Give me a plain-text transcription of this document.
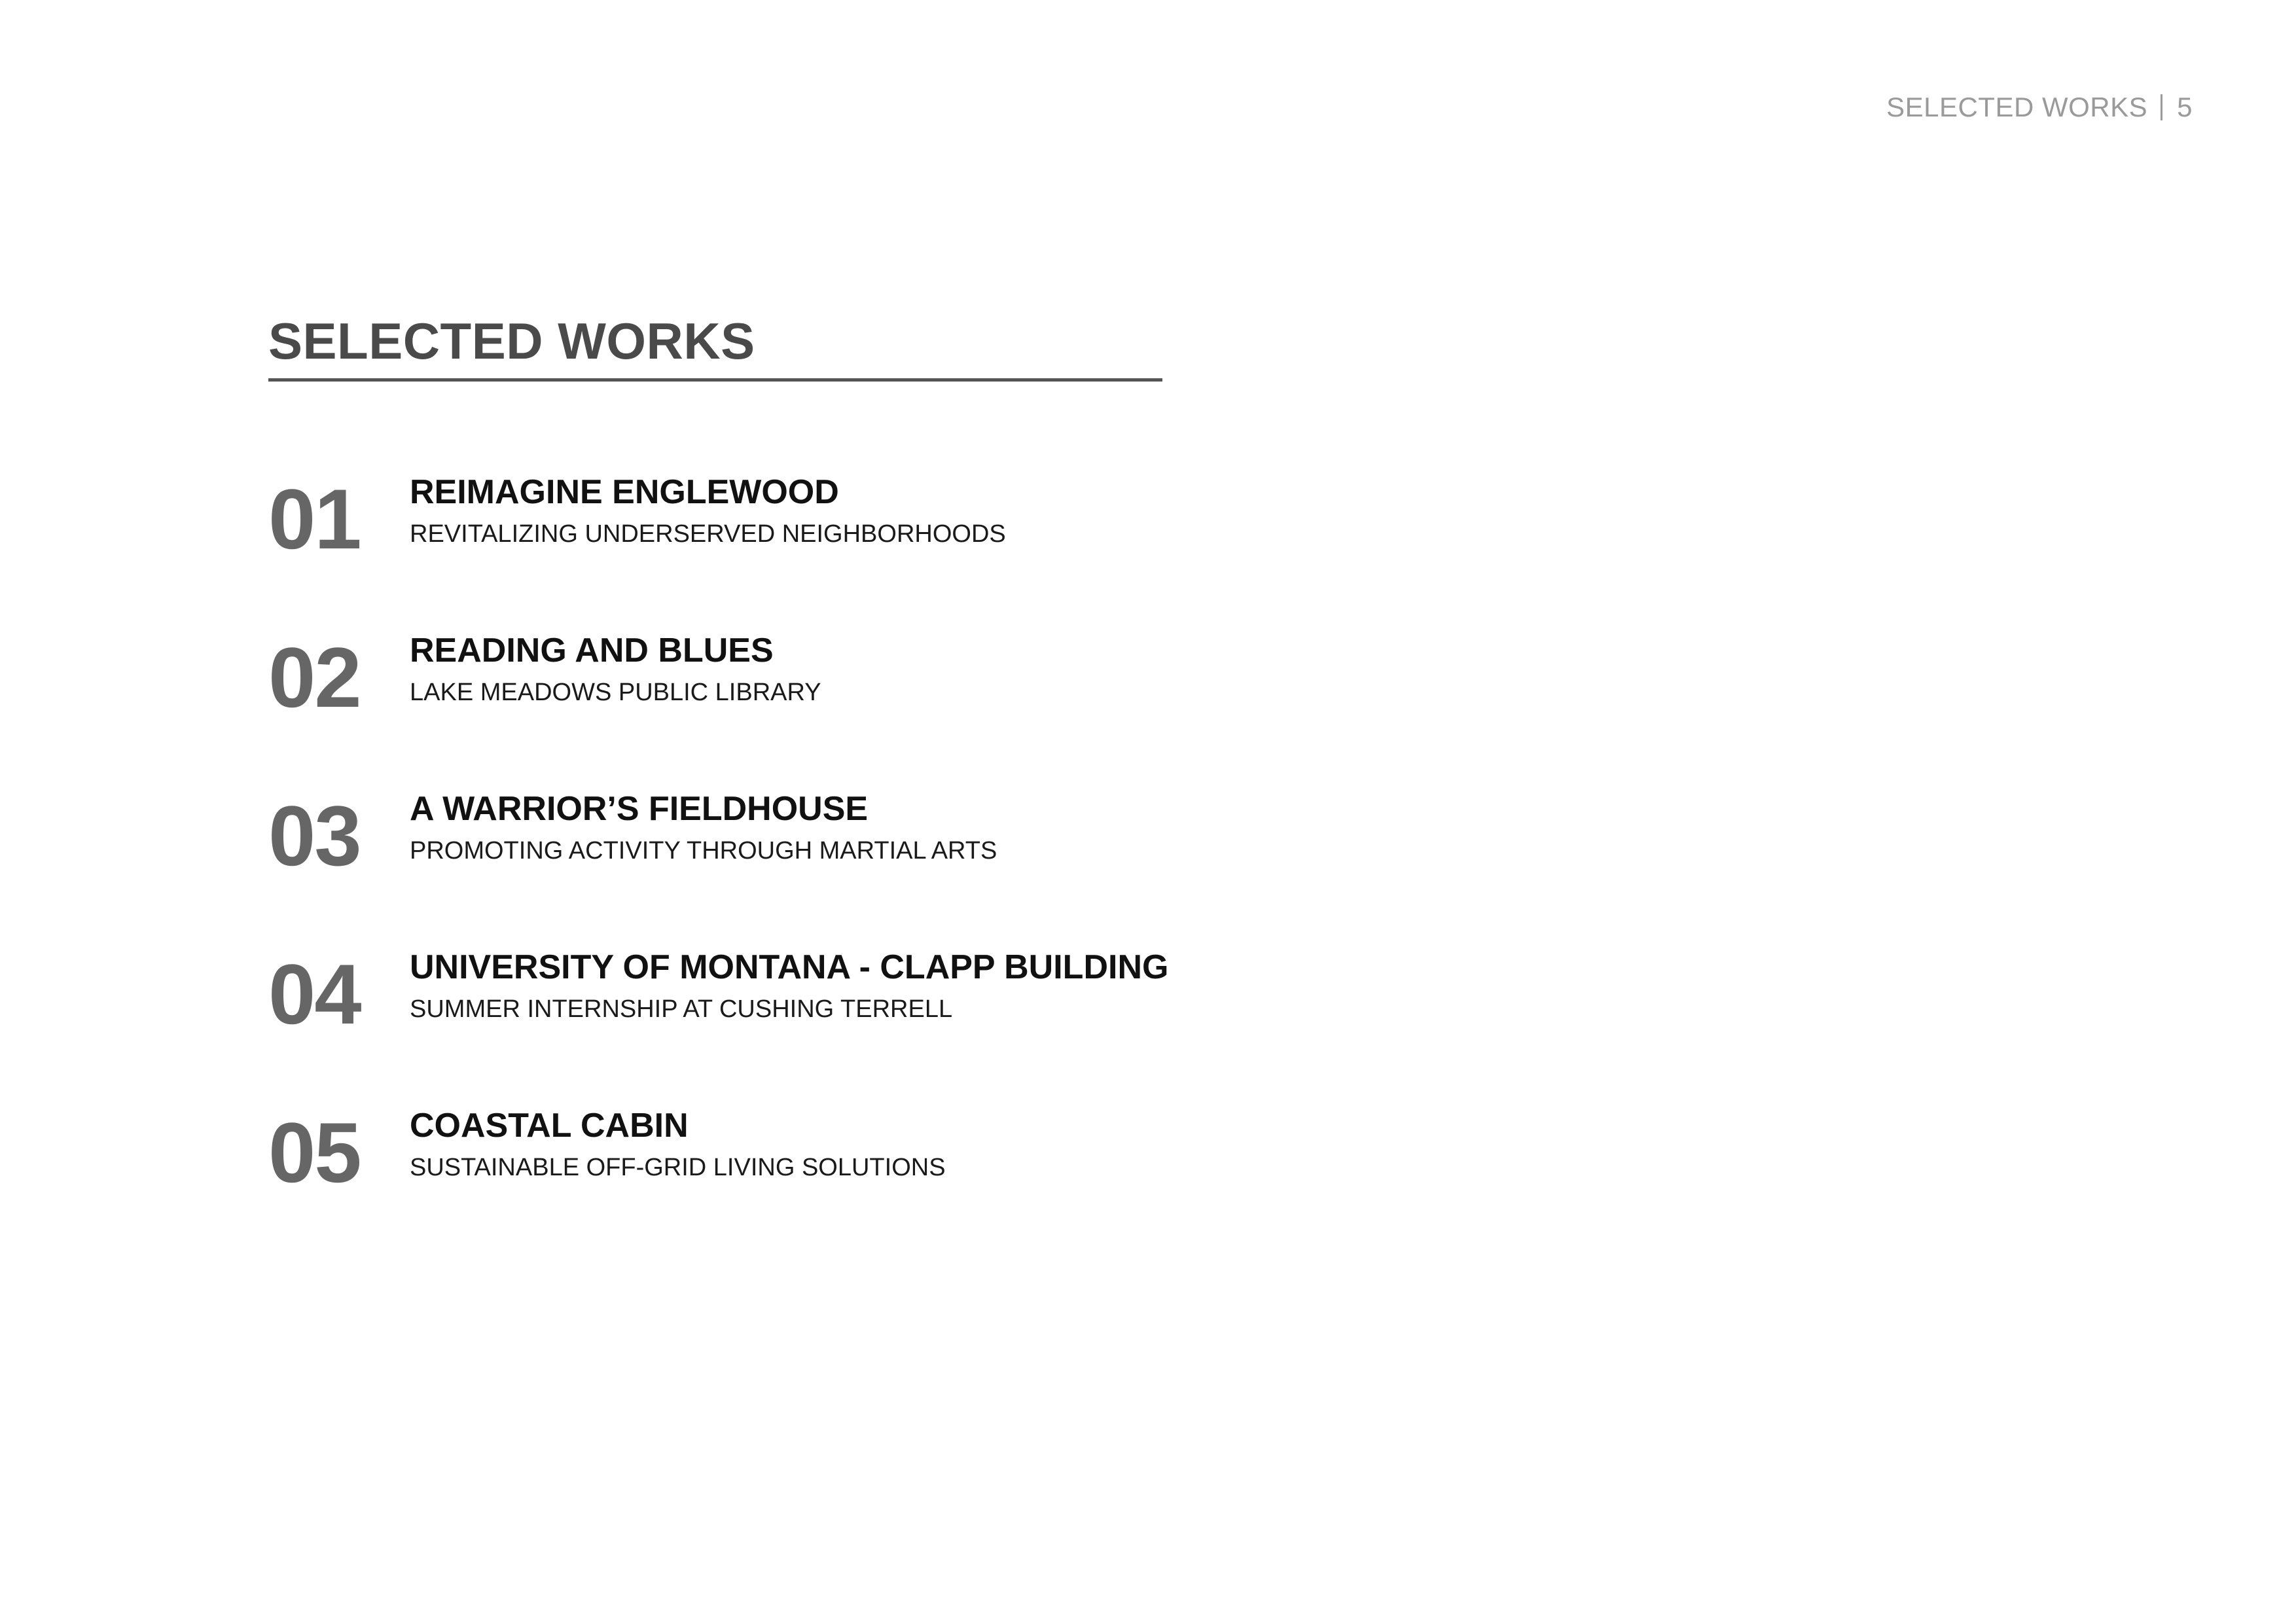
SELECTED WORKS 5
SELECTED WORKS
01 REIMAGINE ENGLEWOOD
REVITALIZING UNDERSERVED NEIGHBORHOODS
02 READING AND BLUES
LAKE MEADOWS PUBLIC LIBRARY
03 A WARRIOR’S FIELDHOUSE
PROMOTING ACTIVITY THROUGH MARTIAL ARTS
04 UNIVERSITY OF MONTANA - CLAPP BUILDING
SUMMER INTERNSHIP AT CUSHING TERRELL
05 COASTAL CABIN
SUSTAINABLE OFF-GRID LIVING SOLUTIONS
